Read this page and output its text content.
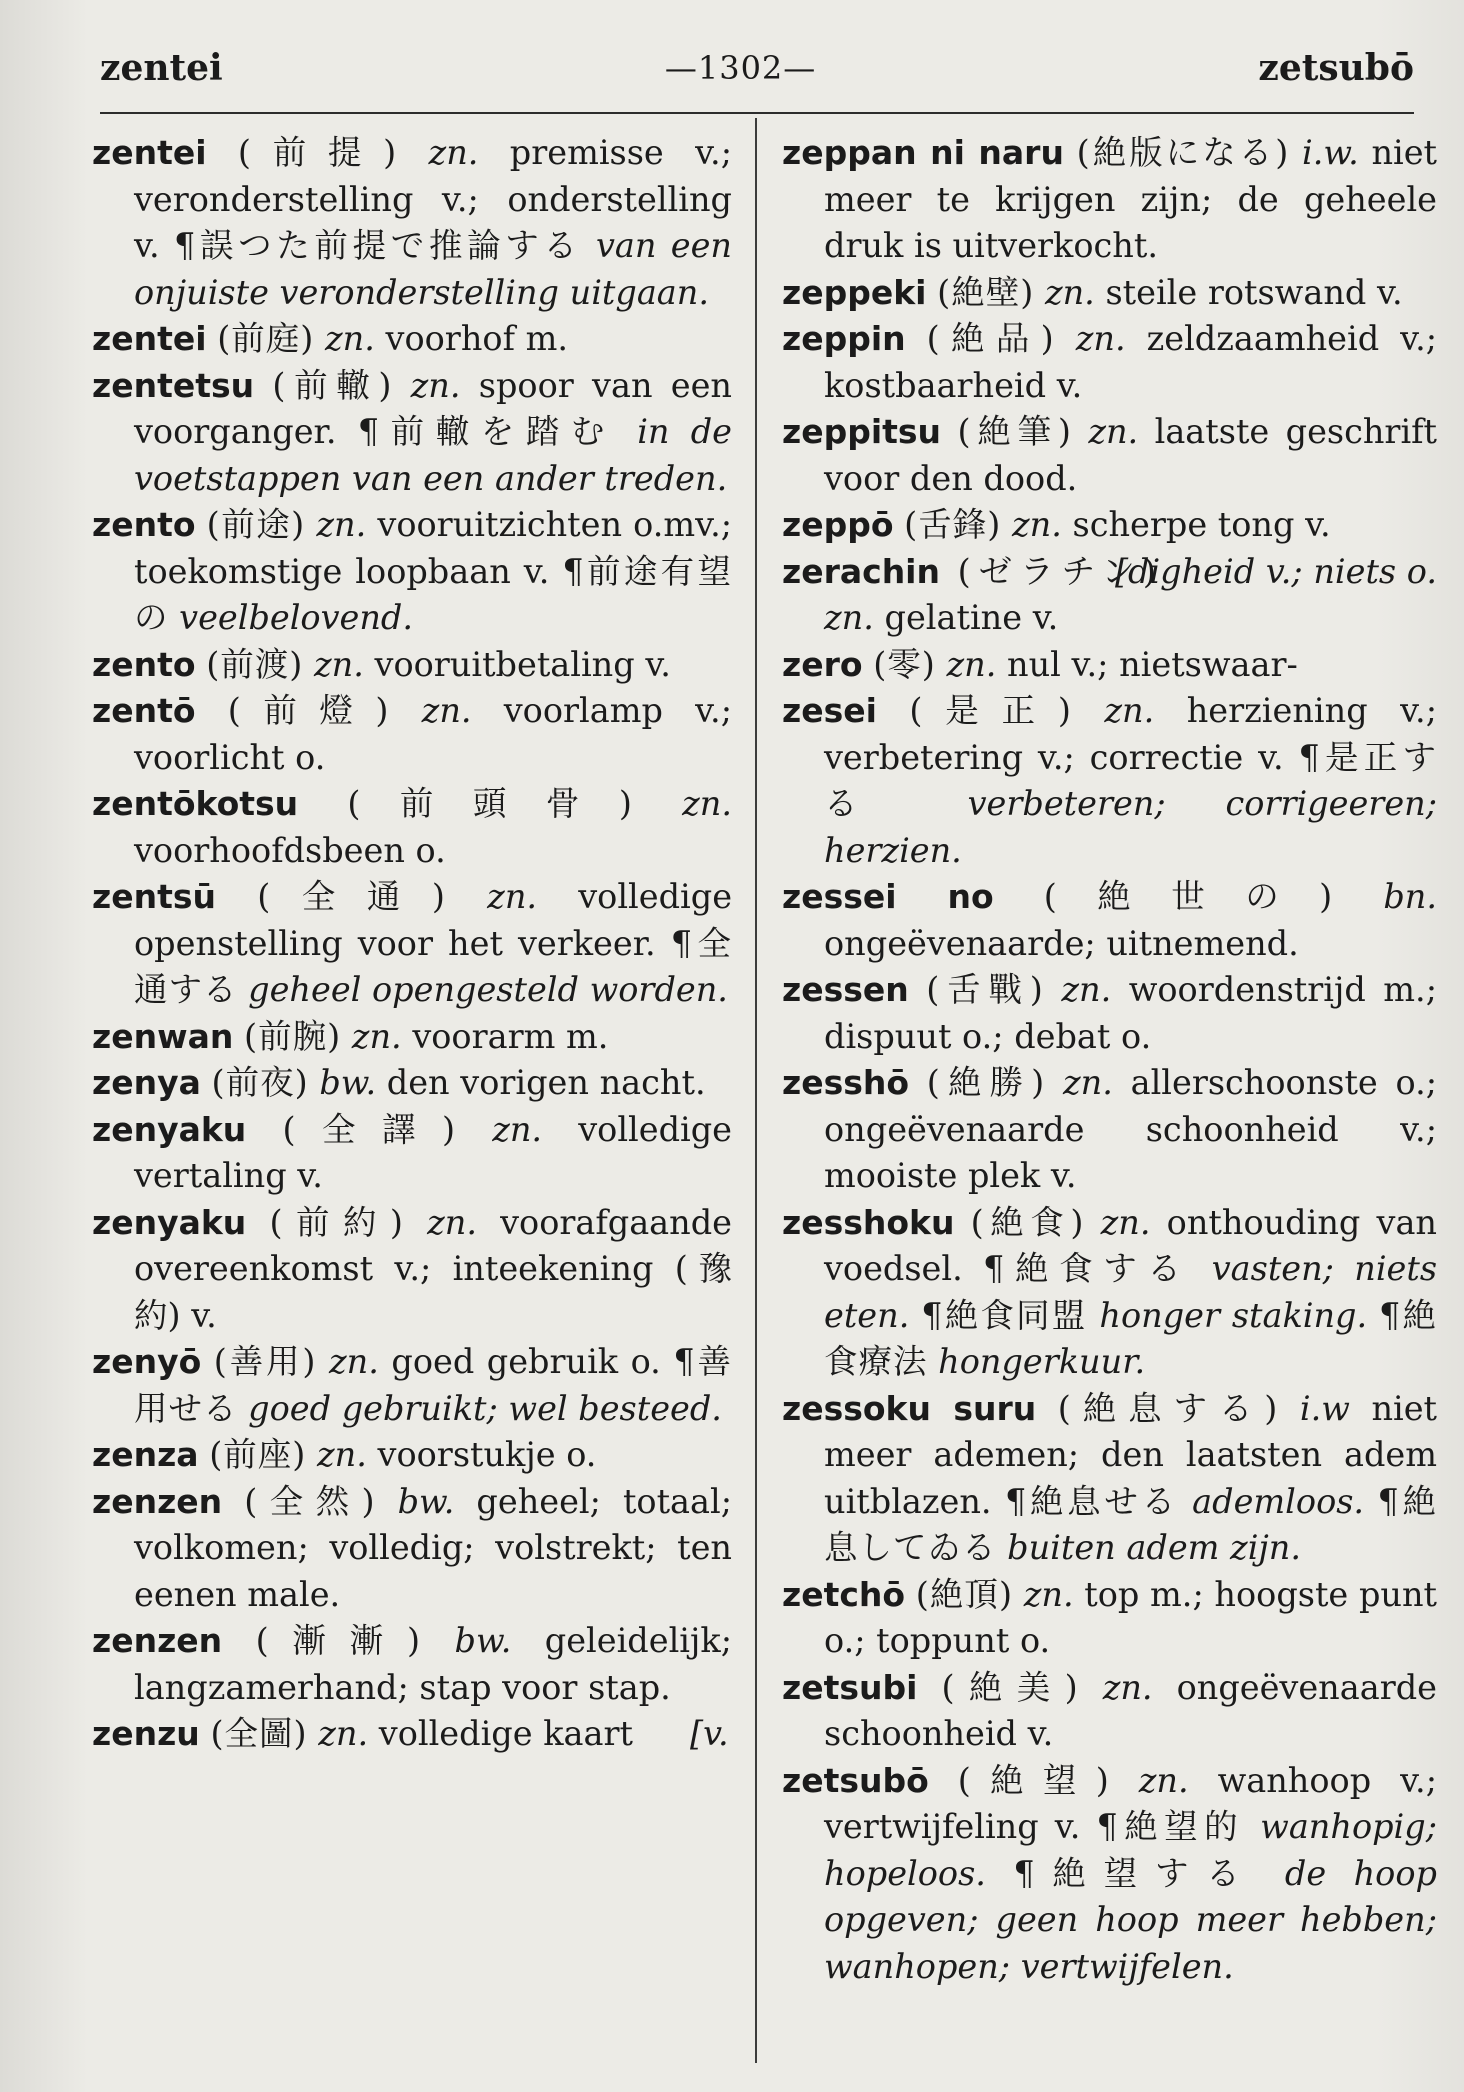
zentei	—1302—	zetsubō

zentei (前提) zn. premisse v.; veronderstelling v.; onderstelling v. ¶誤つた前提で推論する van een onjuiste veronderstelling uitgaan.

zentei (前庭) zn. voorhof m.

zentetsu (前轍) zn. spoor van een voorganger. ¶前轍を踏む in de voetstappen van een ander treden.

zento (前途) zn. vooruitzichten o.mv.; toekomstige loopbaan v. ¶前途有望の veelbelovend.

zento (前渡) zn. vooruitbetaling v.

zentō (前燈) zn. voorlamp v.; voorlicht o.

zentōkotsu (前頭骨) zn. voorhoofdsbeen o.

zentsū (全通) zn. volledige openstelling voor het verkeer. ¶全通する geheel opengesteld worden.

zenwan (前腕) zn. voorarm m.

zenya (前夜) bw. den vorigen nacht.

zenyaku (全譯) zn. volledige vertaling v.

zenyaku (前約) zn. voorafgaande overeenkomst v.; inteekening (豫約) v.

zenyō (善用) zn. goed gebruik o. ¶善用せる goed gebruikt; wel besteed.

zenza (前座) zn. voorstukje o.

zenzen (全然) bw. geheel; totaal; volkomen; volledig; volstrekt; ten eenen male.

zenzen (漸漸) bw. geleidelijk; langzamerhand; stap voor stap.

[v.
zenzu (全圖) zn. volledige kaart

zeppan ni naru (絶版になる) i.w. niet meer te krijgen zijn; de geheele druk is uitverkocht.

zeppeki (絶壁) zn. steile rotswand v.

zeppin (絶品) zn. zeldzaamheid v.; kostbaarheid v.

zeppitsu (絶筆) zn. laatste geschrift voor den dood.

zeppō (舌鋒) zn. scherpe tong v.

[digheid v.; niets o.
zerachin (ゼラチン) zn. gelatine v.

zero (零) zn. nul v.; nietswaar-

zesei (是正) zn. herziening v.; verbetering v.; correctie v. ¶是正する verbeteren; corrigeeren; herzien.

zessei no (絶世の) bn. ongeëvenaarde; uitnemend.

zessen (舌戰) zn. woordenstrijd m.; dispuut o.; debat o.

zesshō (絶勝) zn. allerschoonste o.; ongeëvenaarde schoonheid v.; mooiste plek v.

zesshoku (絶食) zn. onthouding van voedsel. ¶絶食する vasten; niets eten. ¶絶食同盟 honger staking. ¶絶食療法 hongerkuur.

zessoku suru (絶息する) i.w niet meer ademen; den laatsten adem uitblazen. ¶絶息せる ademloos. ¶絶息してゐる buiten adem zijn.

zetchō (絶頂) zn. top m.; hoogste punt o.; toppunt o.

zetsubi (絶美) zn. ongeëvenaarde schoonheid v.

zetsubō (絶望) zn. wanhoop v.; vertwijfeling v. ¶絶望的 wanhopig; hopeloos. ¶絶望する de hoop opgeven; geen hoop meer hebben; wanhopen; vertwijfelen.
